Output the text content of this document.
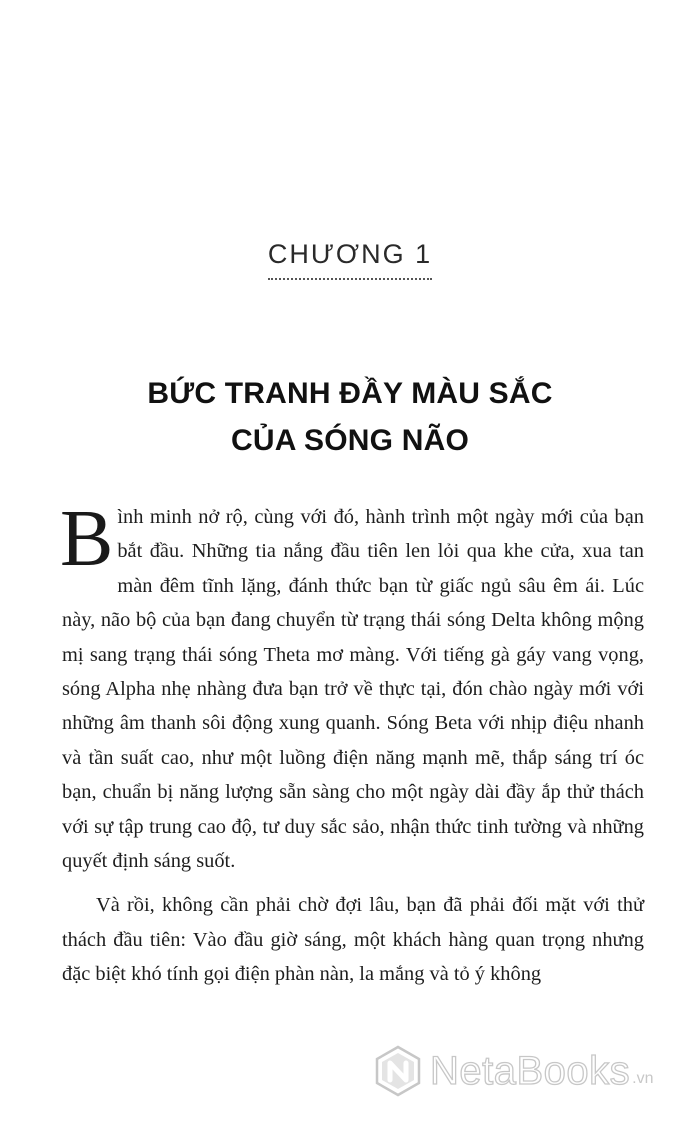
CHƯƠNG 1
BỨC TRANH ĐẦY MÀU SẮC
CỦA SÓNG NÃO

Bình minh nở rộ, cùng với đó, hành trình một ngày mới của bạn bắt đầu. Những tia nắng đầu tiên len lỏi qua khe cửa, xua tan màn đêm tĩnh lặng, đánh thức bạn từ giấc ngủ sâu êm ái. Lúc này, não bộ của bạn đang chuyển từ trạng thái sóng Delta không mộng mị sang trạng thái sóng Theta mơ màng. Với tiếng gà gáy vang vọng, sóng Alpha nhẹ nhàng đưa bạn trở về thực tại, đón chào ngày mới với những âm thanh sôi động xung quanh. Sóng Beta với nhịp điệu nhanh và tần suất cao, như một luồng điện năng mạnh mẽ, thắp sáng trí óc bạn, chuẩn bị năng lượng sẵn sàng cho một ngày dài đầy ắp thử thách với sự tập trung cao độ, tư duy sắc sảo, nhận thức tinh tường và những quyết định sáng suốt.

Và rồi, không cần phải chờ đợi lâu, bạn đã phải đối mặt với thử thách đầu tiên: Vào đầu giờ sáng, một khách hàng quan trọng nhưng đặc biệt khó tính gọi điện phàn nàn, la mắng và tỏ ý không

NetaBooks .vn
